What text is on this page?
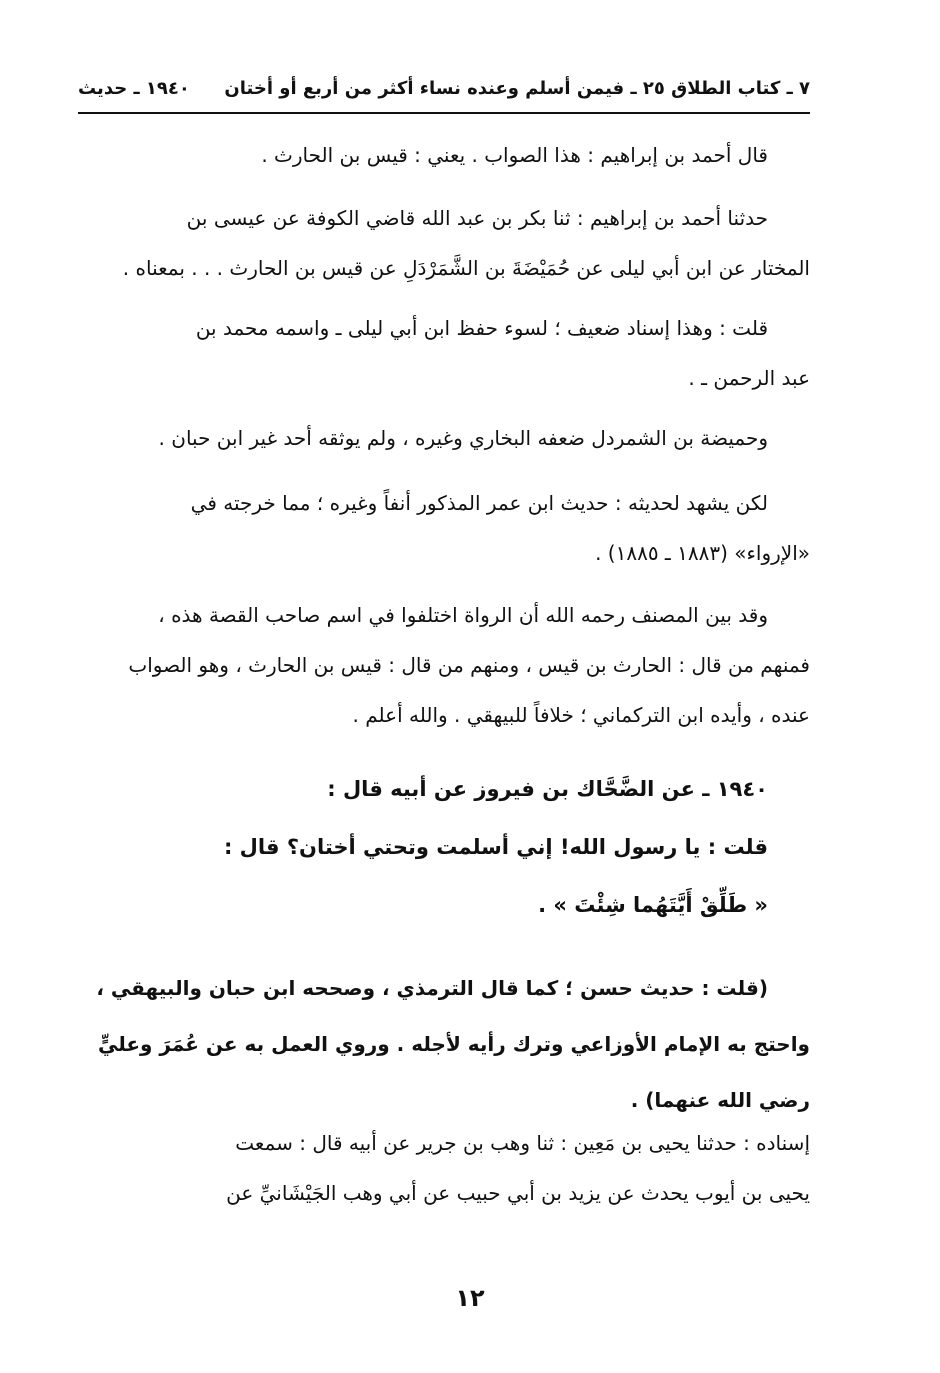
٧ ـ كتاب الطلاق ٢٥ ـ فيمن أسلم وعنده نساء أكثر من أربع أو أختان
١٩٤٠ ـ حديث
قال أحمد بن إبراهيم : هذا الصواب . يعني : قيس بن الحارث .
حدثنا أحمد بن إبراهيم : ثنا بكر بن عبد الله قاضي الكوفة عن عيسى بن
المختار عن ابن أبي ليلى عن حُمَيْضَةَ بن الشَّمَرْدَلِ عن قيس بن الحارث . . . بمعناه .
قلت : وهذا إسناد ضعيف ؛ لسوء حفظ ابن أبي ليلى ـ واسمه محمد بن
عبد الرحمن ـ .
وحميضة بن الشمردل ضعفه البخاري وغيره ، ولم يوثقه أحد غير ابن حبان .
لكن يشهد لحديثه : حديث ابن عمر المذكور أنفاً وغيره ؛ مما خرجته في
«الإرواء» (١٨٨٣ ـ ١٨٨٥) .
وقد بين المصنف رحمه الله أن الرواة اختلفوا في اسم صاحب القصة هذه ،
فمنهم من قال : الحارث بن قيس ، ومنهم من قال : قيس بن الحارث ، وهو الصواب
عنده ، وأيده ابن التركماني ؛ خلافاً للبيهقي . والله أعلم .
١٩٤٠ ـ عن الضَّحَّاك بن فيروز عن أبيه قال :
قلت : يا رسول الله! إني أسلمت وتحتي أختان؟ قال :
« طَلِّقْ أَيَّتَهُما شِئْتَ » .
(قلت : حديث حسن ؛ كما قال الترمذي ، وصححه ابن حبان والبيهقي ،
واحتج به الإمام الأوزاعي وترك رأيه لأجله . وروي العمل به عن عُمَرَ وعليٍّ
رضي الله عنهما) .
إسناده : حدثنا يحيى بن مَعِين : ثنا وهب بن جرير عن أبيه قال : سمعت
يحيى بن أيوب يحدث عن يزيد بن أبي حبيب عن أبي وهب الجَيْشَانيِّ عن
١٢
